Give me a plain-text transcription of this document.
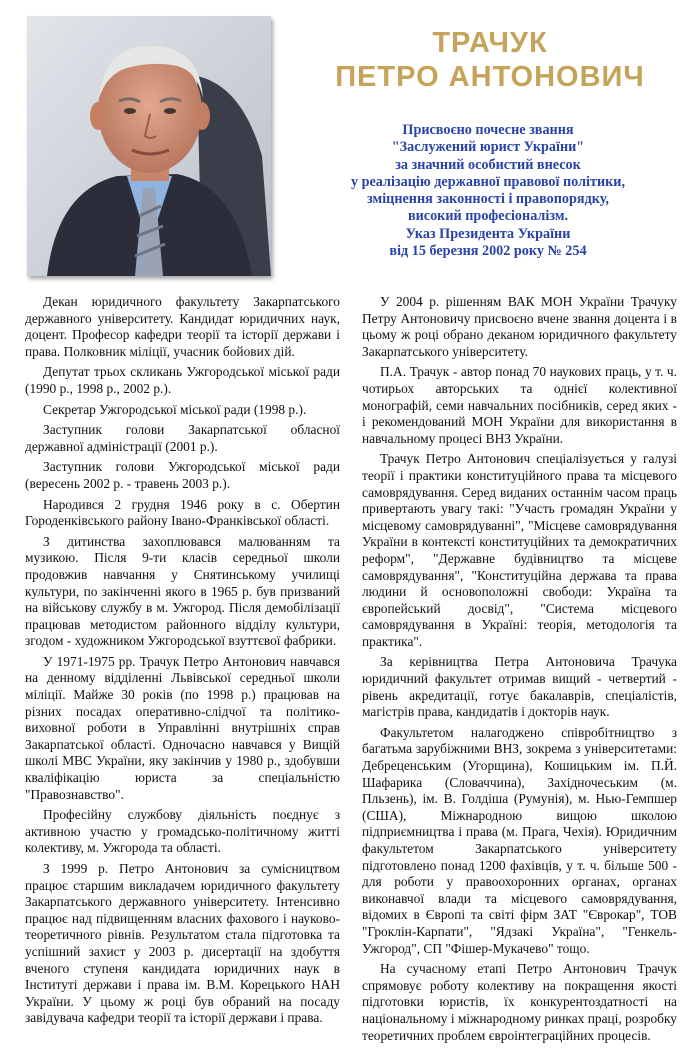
ТРАЧУК
ПЕТРО АНТОНОВИЧ
Присвоєно почесне звання
"Заслужений юрист України"
за значний особистий внесок
у реалізацію державної правової політики,
зміцнення законності і правопорядку,
високий професіоналізм.
Указ Президента України
від 15 березня 2002 року № 254

Декан юридичного факультету Закарпатського державного університету. Кандидат юридичних наук, доцент. Професор кафедри теорії та історії держави і права. Полковник міліції, учасник бойових дій.

Депутат трьох скликань Ужгородської міської ради (1990 р., 1998 р., 2002 р.).

Секретар Ужгородської міської ради (1998 р.).

Заступник голови Закарпатської обласної державної адміністрації (2001 р.).

Заступник голови Ужгородської міської ради (вересень 2002 р. - травень 2003 р.).

Народився 2 грудня 1946 року в с. Обертин Городенківського району Івано-Франківської області.

З дитинства захоплювався малюванням та музикою. Після 9-ти класів середньої школи продовжив навчання у Снятинському училищі культури, по закінченні якого в 1965 р. був призваний на військову службу в м. Ужгород. Після демобілізації працював методистом районного відділу культури, згодом - художником Ужгородської взуттєвої фабрики.

У 1971-1975 рр. Трачук Петро Антонович навчався на денному відділенні Львівської середньої школи міліції. Майже 30 років (по 1998 р.) працював на різних посадах оперативно-слідчої та політико-виховної роботи в Управлінні внутрішніх справ Закарпатської області. Одночасно навчався у Вищій школі МВС України, яку закінчив у 1980 р., здобувши кваліфікацію юриста за спеціальністю "Правознавство".

Професійну службову діяльність поєднує з активною участю у громадсько-політичному житті колективу, м. Ужгорода та області.

З 1999 р. Петро Антонович за сумісництвом працює старшим викладачем юридичного факультету Закарпатського державного університету. Інтенсивно працює над підвищенням власних фахового і науково-теоретичного рівнів. Результатом стала підготовка та успішний захист у 2003 р. дисертації на здобуття вченого ступеня кандидата юридичних наук в Інституті держави і права ім. В.М. Корецького НАН України. У цьому ж році був обраний на посаду завідувача кафедри теорії та історії держави і права.

У 2004 р. рішенням ВАК МОН України Трачуку Петру Антоновичу присвоєно вчене звання доцента і в цьому ж році обрано деканом юридичного факультету Закарпатського університету.

П.А. Трачук - автор понад 70 наукових праць, у т. ч. чотирьох авторських та однієї колективної монографій, семи навчальних посібників, серед яких - і рекомендований МОН України для використання в навчальному процесі ВНЗ України.

Трачук Петро Антонович спеціалізується у галузі теорії і практики конституційного права та місцевого самоврядування. Серед виданих останнім часом праць привертають увагу такі: "Участь громадян України у місцевому самоврядуванні", "Місцеве самоврядування України в контексті конституційних та демократичних реформ", "Державне будівництво та місцеве самоврядування", "Конституційна держава та права людини й основоположні свободи: Україна та європейський досвід", "Система місцевого самоврядування в Україні: теорія, методологія та практика".

За керівництва Петра Антоновича Трачука юридичний факультет отримав вищий - четвертий - рівень акредитації, готує бакалаврів, спеціалістів, магістрів права, кандидатів і докторів наук.

Факультетом налагоджено співробітництво з багатьма зарубіжними ВНЗ, зокрема з університетами: Дебреценським (Угорщина), Кошицьким ім. П.Й. Шафарика (Словаччина), Західночеським (м. Пльзень), ім. В. Голдіша (Румунія), м. Нью-Гемпшер (США), Міжнародною вищою школою підприємництва і права (м. Прага, Чехія). Юридичним факультетом Закарпатського університету підготовлено понад 1200 фахівців, у т. ч. більше 500 - для роботи у правоохоронних органах, органах виконавчої влади та місцевого самоврядування, відомих в Європі та світі фірм ЗАТ "Єврокар", ТОВ "Гроклін-Карпати", "Ядзакі Україна", "Генкель-Ужгород", СП "Фішер-Мукачево" тощо.

На сучасному етапі Петро Антонович Трачук спрямовує роботу колективу на покращення якості підготовки юристів, їх конкурентоздатності на національному і міжнародному ринках праці, розробку теоретичних проблем євроінтеграційних процесів.
